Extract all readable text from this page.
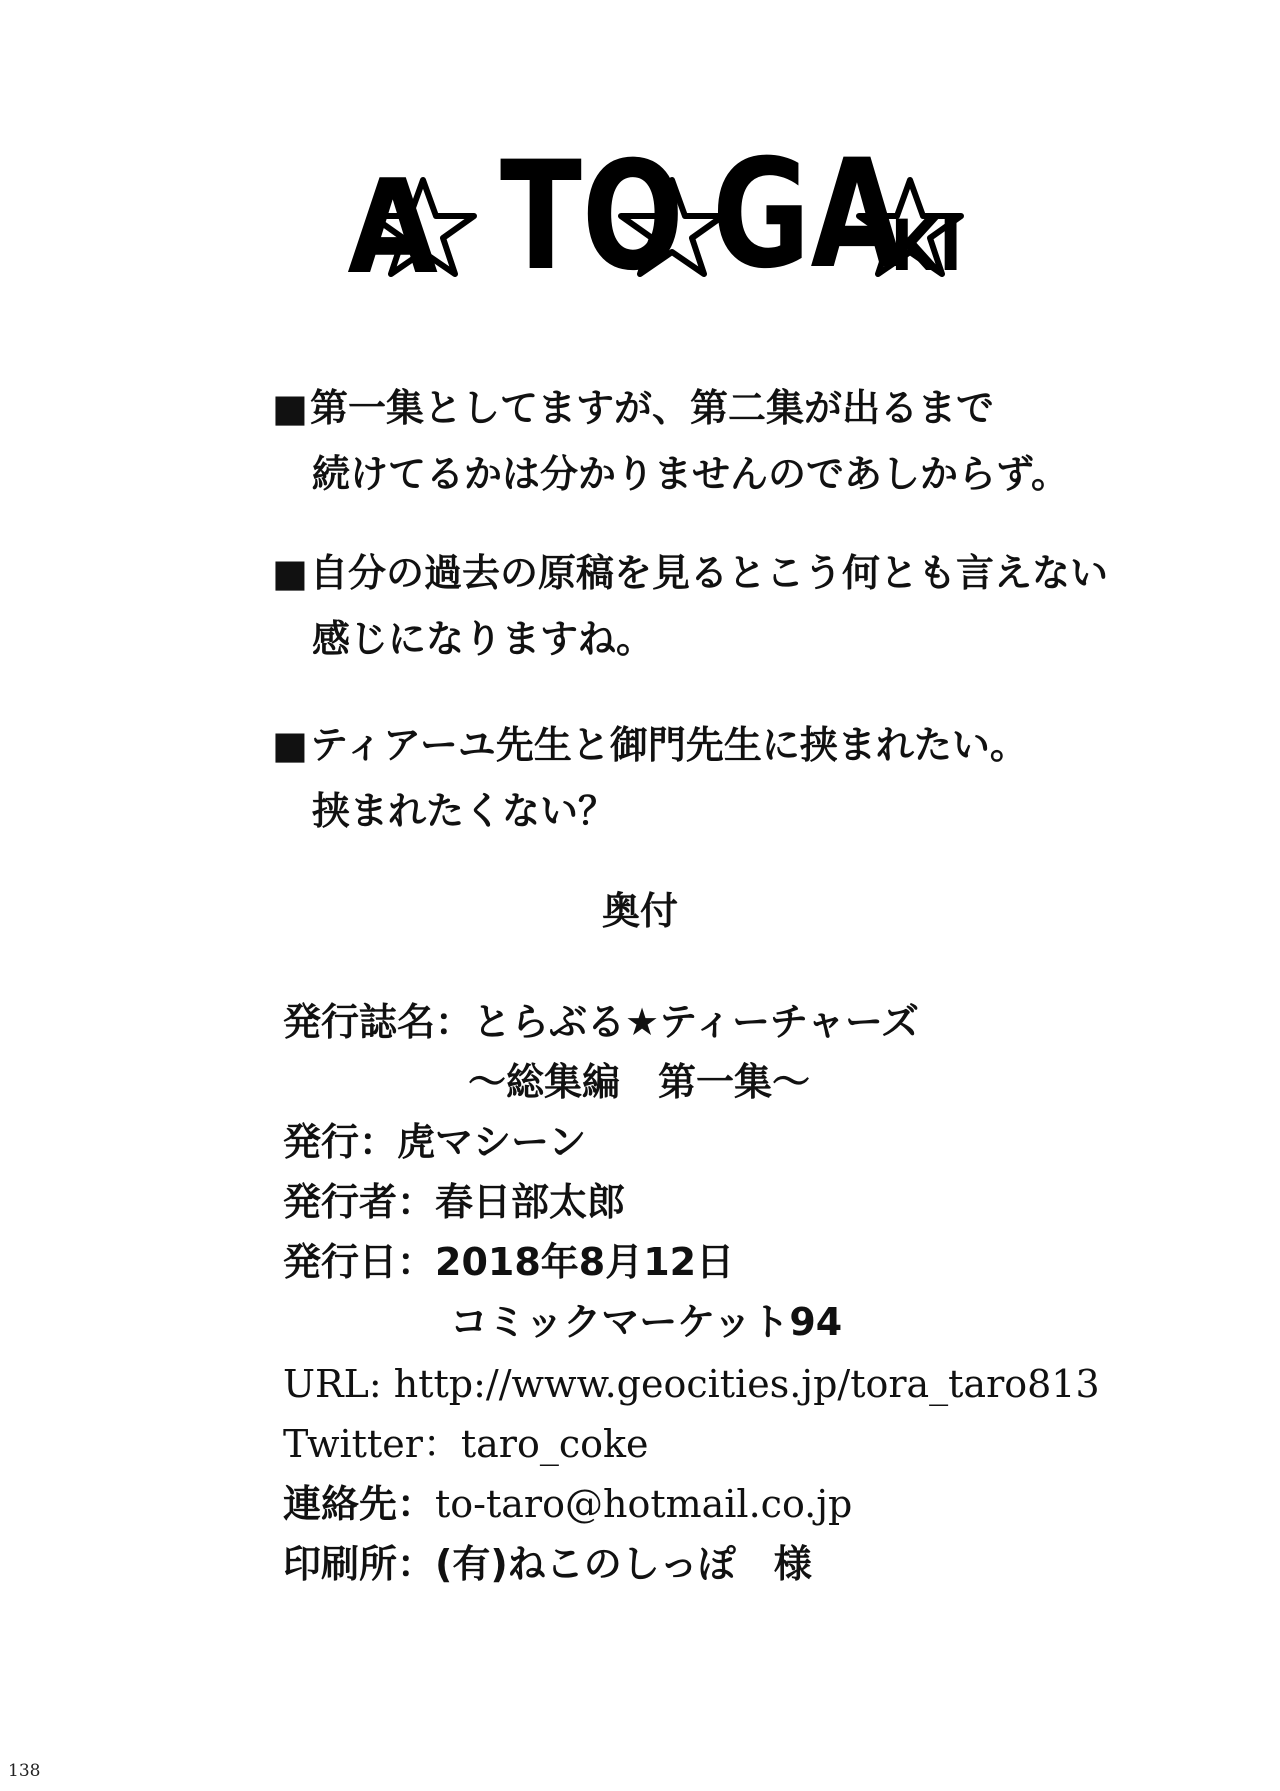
A TO GA
KI
■第一集としてますが、第二集が出るまで
続けてるかは分かりませんのであしからず。
■自分の過去の原稿を見るとこう何とも言えない
感じになりますね。
■ティアーユ先生と御門先生に挟まれたい。
挟まれたくない？
奥付
発行誌名：とらぶる★ティーチャーズ
～総集編　第一集～
発行：虎マシーン
発行者：春日部太郎
発行日：2018年8月12日
コミックマーケット94
URL: http://www.geocities.jp/tora_taro813
Twitter：taro_coke
連絡先：to-taro@hotmail.co.jp
印刷所：(有)ねこのしっぽ　様
138
